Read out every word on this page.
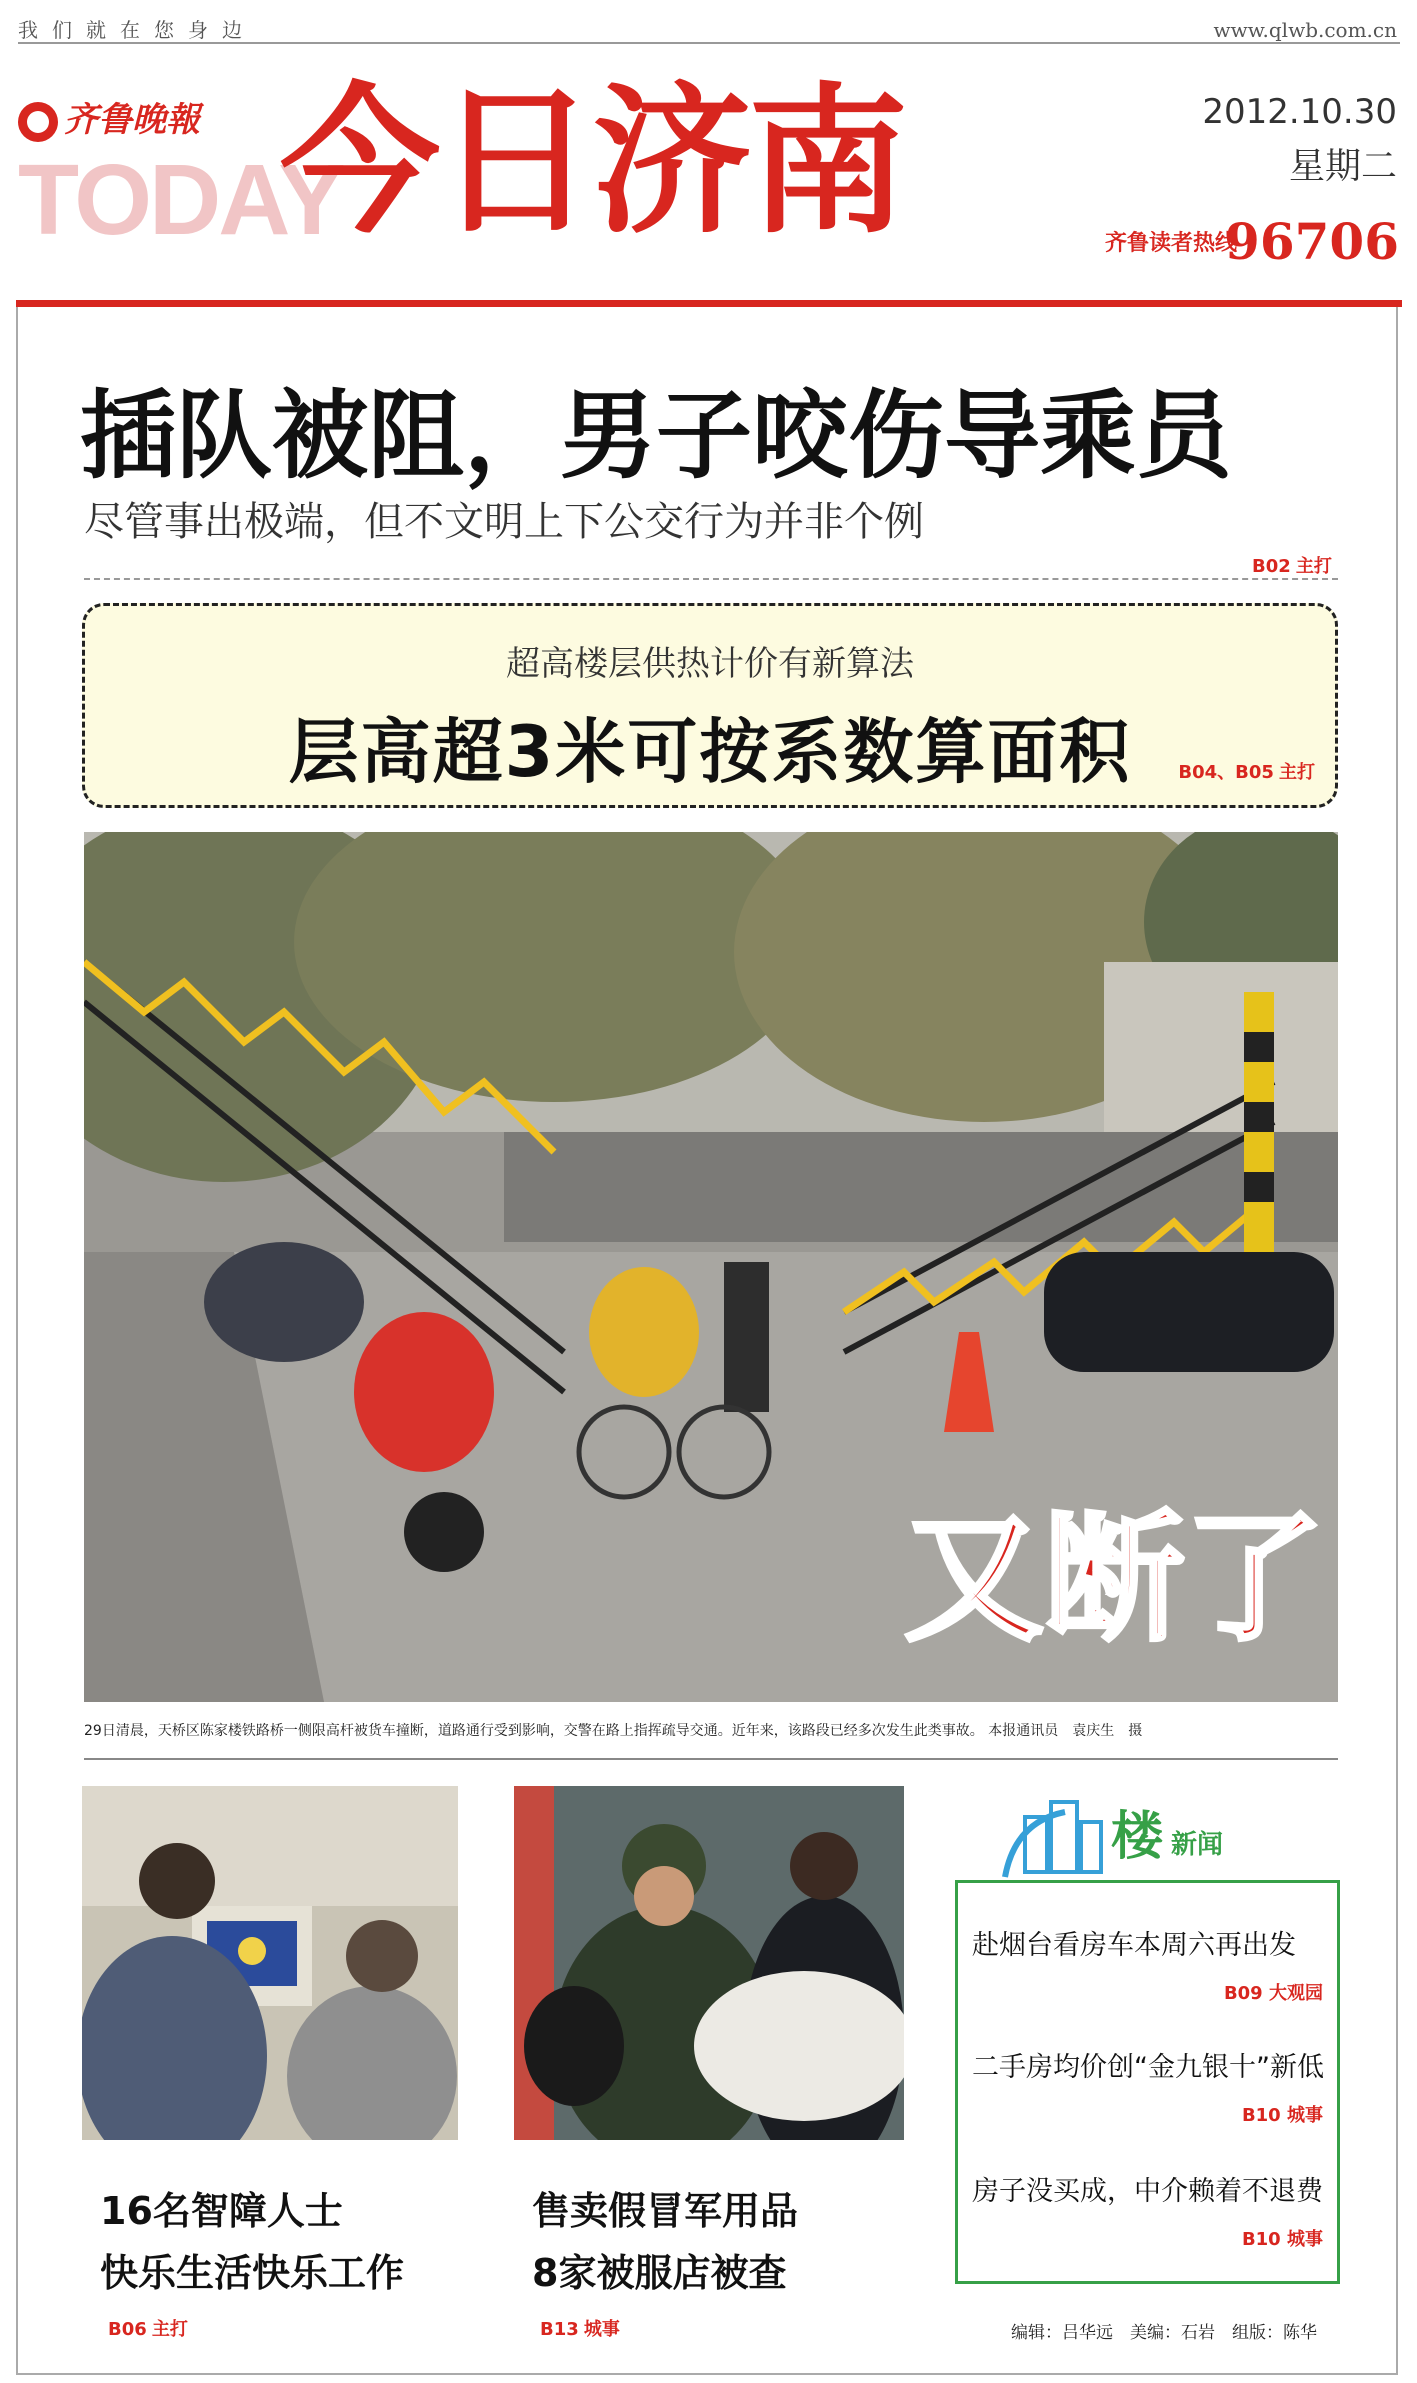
我们就在您身边	www.qlwb.com.cn
齐鲁晚報
TODAY
今日济南	2012.10.30
星期二
齐鲁读者热线
96706
插队被阻，男子咬伤导乘员
尽管事出极端，但不文明上下公交行为并非个例
B02 主打
超高楼层供热计价有新算法
层高超3米可按系数算面积	B04、B05 主打
又断了
29日清晨，天桥区陈家楼铁路桥一侧限高杆被货车撞断，道路通行受到影响，交警在路上指挥疏导交通。近年来，该路段已经多次发生此类事故。 本报通讯员　袁庆生　摄
16名智障人士
快乐生活快乐工作
B06 主打
售卖假冒军用品
8家被服店被查
B13 城事
楼 新闻
赴烟台看房车本周六再出发
B09 大观园
二手房均价创“金九银十”新低
B10 城事
房子没买成，中介赖着不退费
B10 城事
编辑：吕华远　美编：石岩　组版：陈华
